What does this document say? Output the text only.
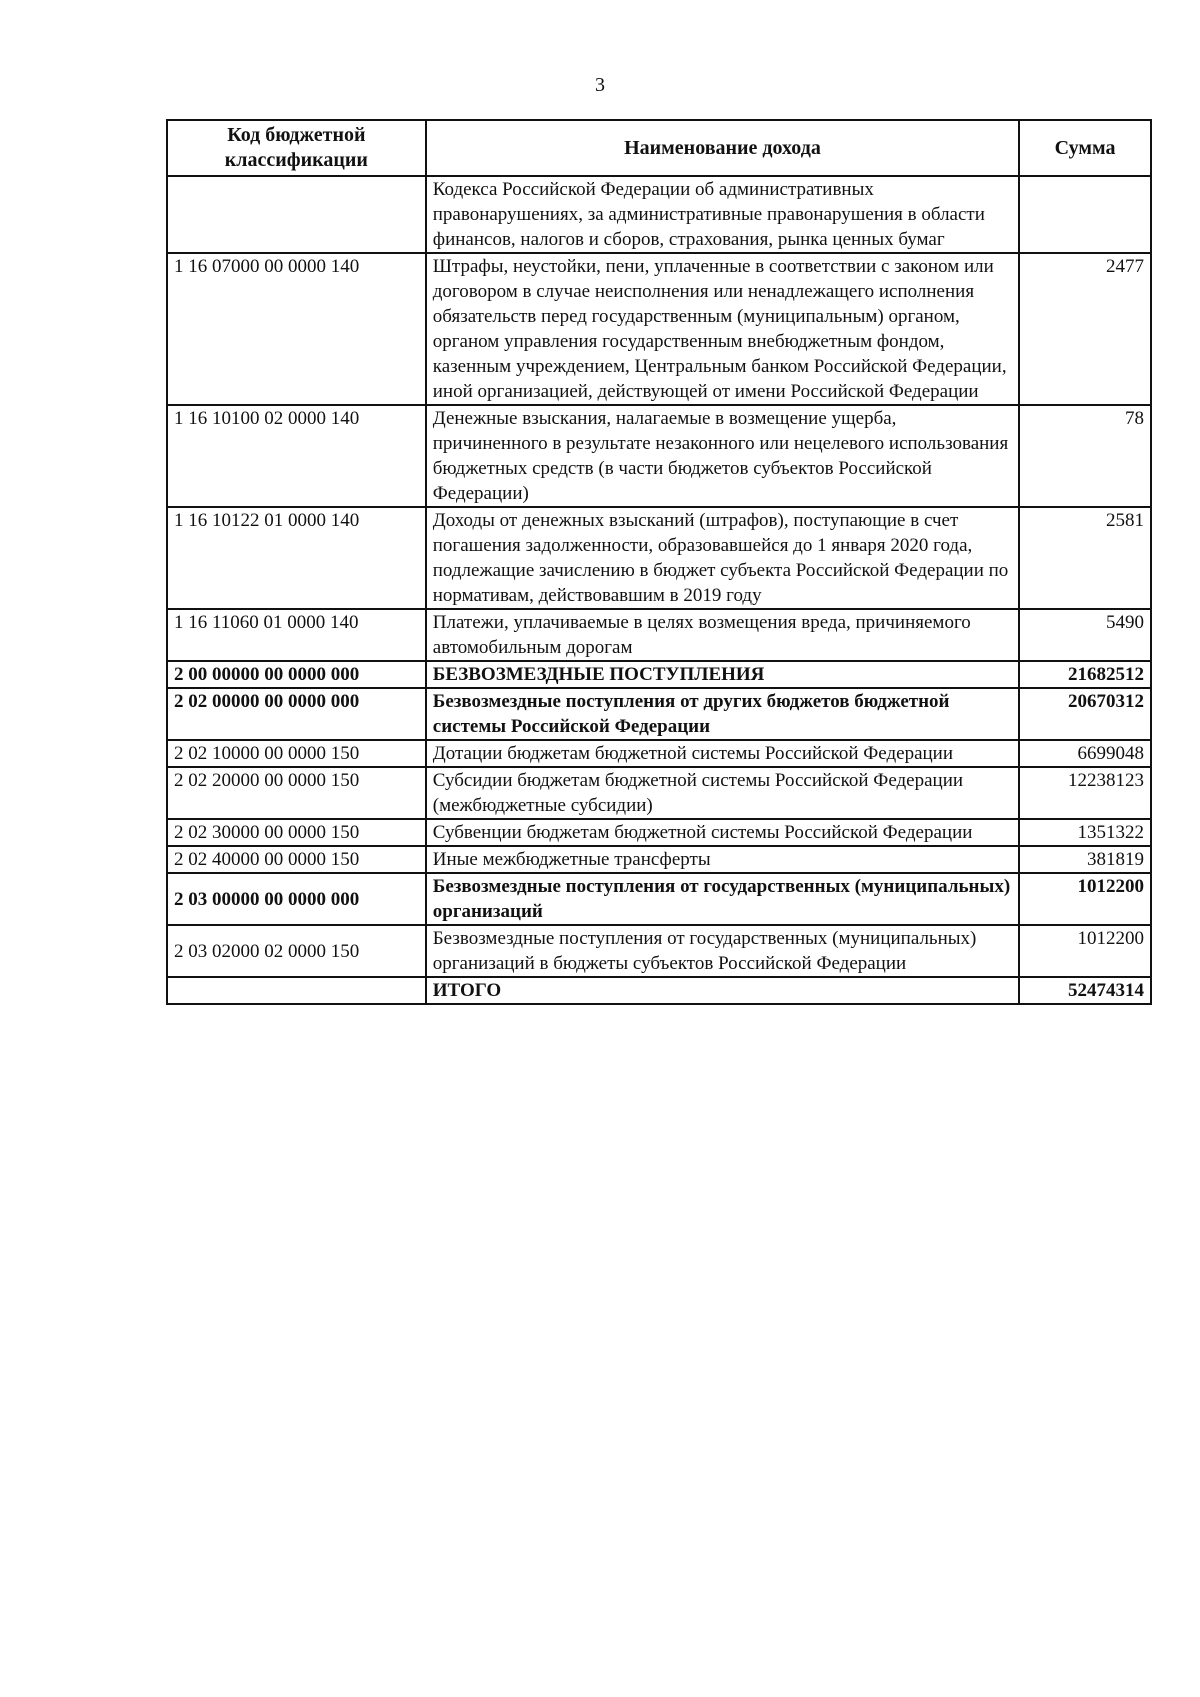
3
Код бюджетной классификации	Наименование дохода	Сумма
	Кодекса Российской Федерации об административных правонарушениях, за административные правонарушения в области финансов, налогов и сборов, страхования, рынка ценных бумаг	
1 16 07000 00 0000 140	Штрафы, неустойки, пени, уплаченные в соответствии с законом или договором в случае неисполнения или ненадлежащего исполнения обязательств перед государственным (муниципальным) органом, органом управления государственным внебюджетным фондом, казенным учреждением, Центральным банком Российской Федерации, иной организацией, действующей от имени Российской Федерации	2477
1 16 10100 02 0000 140	Денежные взыскания, налагаемые в возмещение ущерба, причиненного в результате незаконного или нецелевого использования бюджетных средств (в части бюджетов субъектов Российской Федерации)	78
1 16 10122 01 0000 140	Доходы от денежных взысканий (штрафов), поступающие в счет погашения задолженности, образовавшейся до 1 января 2020 года, подлежащие зачислению в бюджет субъекта Российской Федерации по нормативам, действовавшим в 2019 году	2581
1 16 11060 01 0000 140	Платежи, уплачиваемые в целях возмещения вреда, причиняемого автомобильным дорогам	5490
2 00 00000 00 0000 000	БЕЗВОЗМЕЗДНЫЕ ПОСТУПЛЕНИЯ	21682512
2 02 00000 00 0000 000	Безвозмездные поступления от других бюджетов бюджетной системы Российской Федерации	20670312
2 02 10000 00 0000 150	Дотации бюджетам бюджетной системы Российской Федерации	6699048
2 02 20000 00 0000 150	Субсидии бюджетам бюджетной системы Российской Федерации (межбюджетные субсидии)	12238123
2 02 30000 00 0000 150	Субвенции бюджетам бюджетной системы Российской Федерации	1351322
2 02 40000 00 0000 150	Иные межбюджетные трансферты	381819
2 03 00000 00 0000 000	Безвозмездные поступления от государственных (муниципальных) организаций	1012200
2 03 02000 02 0000 150	Безвозмездные поступления от государственных (муниципальных) организаций в бюджеты субъектов Российской Федерации	1012200
	ИТОГО	52474314
